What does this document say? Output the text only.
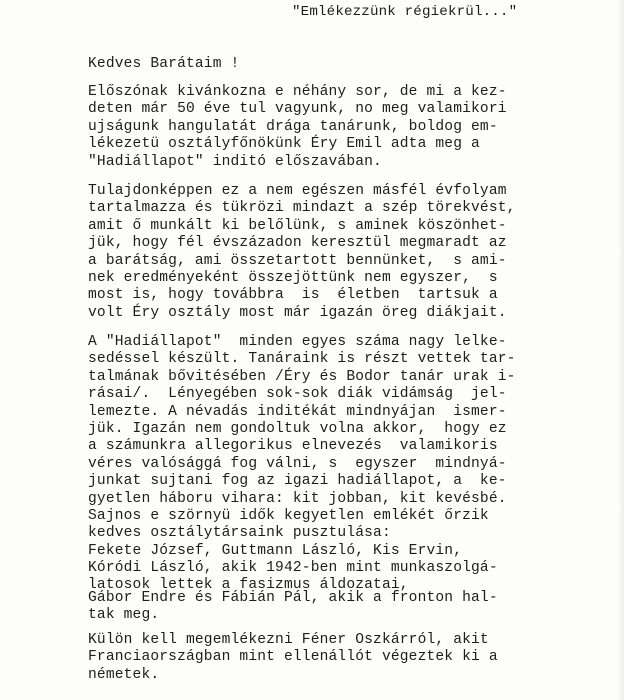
"Emlékezzünk régiekrül..."
Kedves Barátaim !
Előszónak kivánkozna e néhány sor, de mi a kez-
deten már 50 éve tul vagyunk, no meg valamikori
ujságunk hangulatát drága tanárunk, boldog em-
lékezetü osztályfőnökünk Éry Emil adta meg a
"Hadiállapot" inditó előszavában.
Tulajdonképpen ez a nem egészen másfél évfolyam
tartalmazza és tükrözi mindazt a szép törekvést,
amit ő munkált ki belőlünk, s aminek köszönhet-
jük, hogy fél évszázadon keresztül megmaradt az
a barátság, ami összetartott bennünket,  s ami-
nek eredményeként összejöttünk nem egyszer,  s
most is, hogy továbbra  is  életben  tartsuk a
volt Éry osztály most már igazán öreg diákjait.
A "Hadiállapot"  minden egyes száma nagy lelke-
sedéssel készült. Tanáraink is részt vettek tar-
talmának bővitésében /Éry és Bodor tanár urak i-
rásai/.  Lényegében sok-sok diák vidámság  jel-
lemezte. A névadás inditékát mindnyájan  ismer-
jük. Igazán nem gondoltuk volna akkor,  hogy ez
a számunkra allegorikus elnevezés  valamikoris
véres valósággá fog válni, s  egyszer  mindnyá-
junkat sujtani fog az igazi hadiállapot, a  ke-
gyetlen háboru vihara: kit jobban, kit kevésbé.
Sajnos e szörnyü idők kegyetlen emlékét őrzik
kedves osztálytársaink pusztulása:
Fekete József, Guttmann László, Kis Ervin,
Kóródi László, akik 1942-ben mint munkaszolgá-
latosok lettek a fasizmus áldozatai,
Gábor Endre és Fábián Pál, akik a fronton hal-
tak meg.
Külön kell megemlékezni Féner Oszkárról, akit
Franciaországban mint ellenállót végeztek ki a
németek.
